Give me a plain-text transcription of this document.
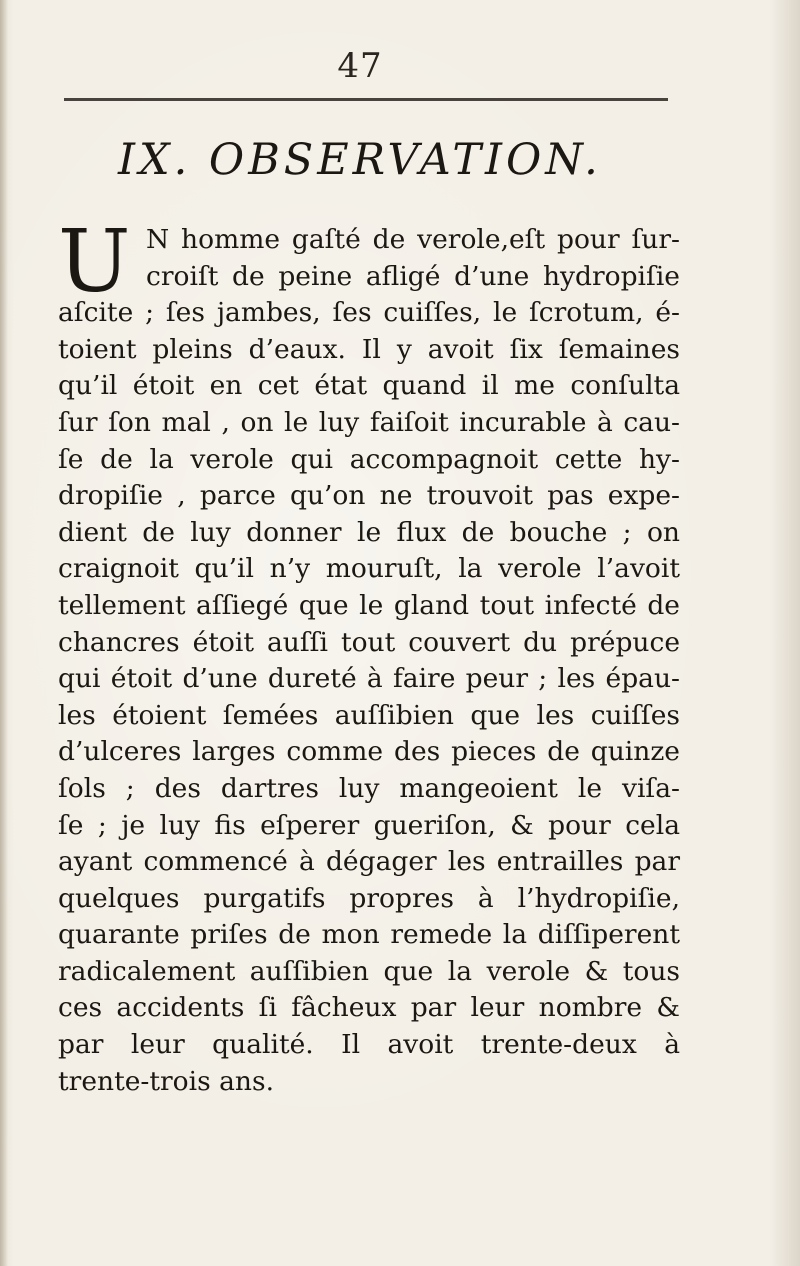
47
IX. OBSERVATION.
U N homme gaſté de verole,eſt pour ſur-
croiſt de peine afligé d’une hydropiſie
aſcite ; ſes jambes, ſes cuiſſes, le ſcrotum, é-
toient pleins d’eaux. Il y avoit ſix ſemaines
qu’il étoit en cet état quand il me conſulta
ſur ſon mal , on le luy faiſoit incurable à cau-
ſe de la verole qui accompagnoit cette hy-
dropiſie , parce qu’on ne trouvoit pas expe-
dient de luy donner le flux de bouche ; on
craignoit qu’il n’y mouruſt, la verole l’avoit
tellement aſſiegé que le gland tout infecté de
chancres étoit auſſi tout couvert du prépuce
qui étoit d’une dureté à faire peur ; les épau-
les étoient ſemées auſſibien que les cuiſſes
d’ulceres larges comme des pieces de quinze
ſols ; des dartres luy mangeoient le viſa-
ſe ; je luy fis eſperer gueriſon, & pour cela
ayant commencé à dégager les entrailles par
quelques purgatifs propres à l’hydropiſie,
quarante priſes de mon remede la diſſiperent
radicalement auſſibien que la verole & tous
ces accidents ſi fâcheux par leur nombre &
par leur qualité. Il avoit trente-deux à
trente-trois ans.
